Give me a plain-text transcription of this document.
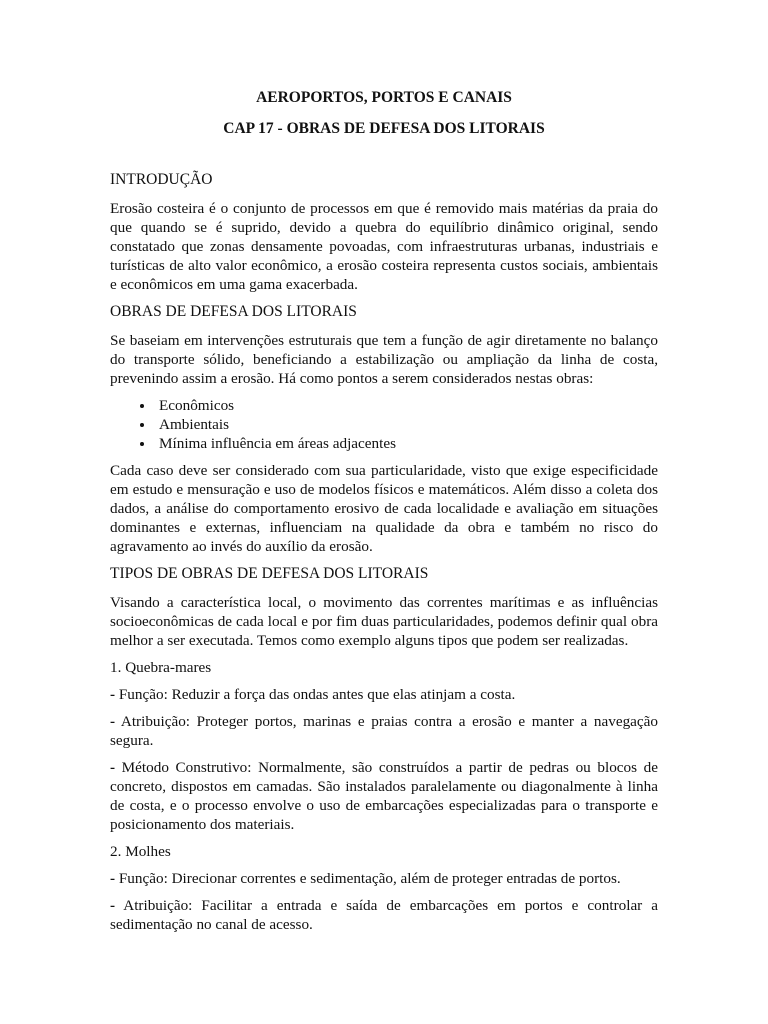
AEROPORTOS, PORTOS E CANAIS
CAP 17 - OBRAS DE DEFESA DOS LITORAIS
INTRODUÇÃO

Erosão costeira é o conjunto de processos em que é removido mais matérias da praia do que quando se é suprido, devido a quebra do equilíbrio dinâmico original, sendo constatado que zonas densamente povoadas, com infraestruturas urbanas, industriais e turísticas de alto valor econômico, a erosão costeira representa custos sociais, ambientais e econômicos em uma gama exacerbada.

OBRAS DE DEFESA DOS LITORAIS

Se baseiam em intervenções estruturais que tem a função de agir diretamente no balanço do transporte sólido, beneficiando a estabilização ou ampliação da linha de costa, prevenindo assim a erosão. Há como pontos a serem considerados nestas obras:

• Econômicos
• Ambientais
• Mínima influência em áreas adjacentes

Cada caso deve ser considerado com sua particularidade, visto que exige especificidade em estudo e mensuração e uso de modelos físicos e matemáticos. Além disso a coleta dos dados, a análise do comportamento erosivo de cada localidade e avaliação em situações dominantes e externas, influenciam na qualidade da obra e também no risco do agravamento ao invés do auxílio da erosão.

TIPOS DE OBRAS DE DEFESA DOS LITORAIS

Visando a característica local, o movimento das correntes marítimas e as influências socioeconômicas de cada local e por fim duas particularidades, podemos definir qual obra melhor a ser executada. Temos como exemplo alguns tipos que podem ser realizadas.

1. Quebra-mares

- Função: Reduzir a força das ondas antes que elas atinjam a costa.

- Atribuição: Proteger portos, marinas e praias contra a erosão e manter a navegação segura.

- Método Construtivo: Normalmente, são construídos a partir de pedras ou blocos de concreto, dispostos em camadas. São instalados paralelamente ou diagonalmente à linha de costa, e o processo envolve o uso de embarcações especializadas para o transporte e posicionamento dos materiais.

2. Molhes

- Função: Direcionar correntes e sedimentação, além de proteger entradas de portos.

- Atribuição: Facilitar a entrada e saída de embarcações em portos e controlar a sedimentação no canal de acesso.
